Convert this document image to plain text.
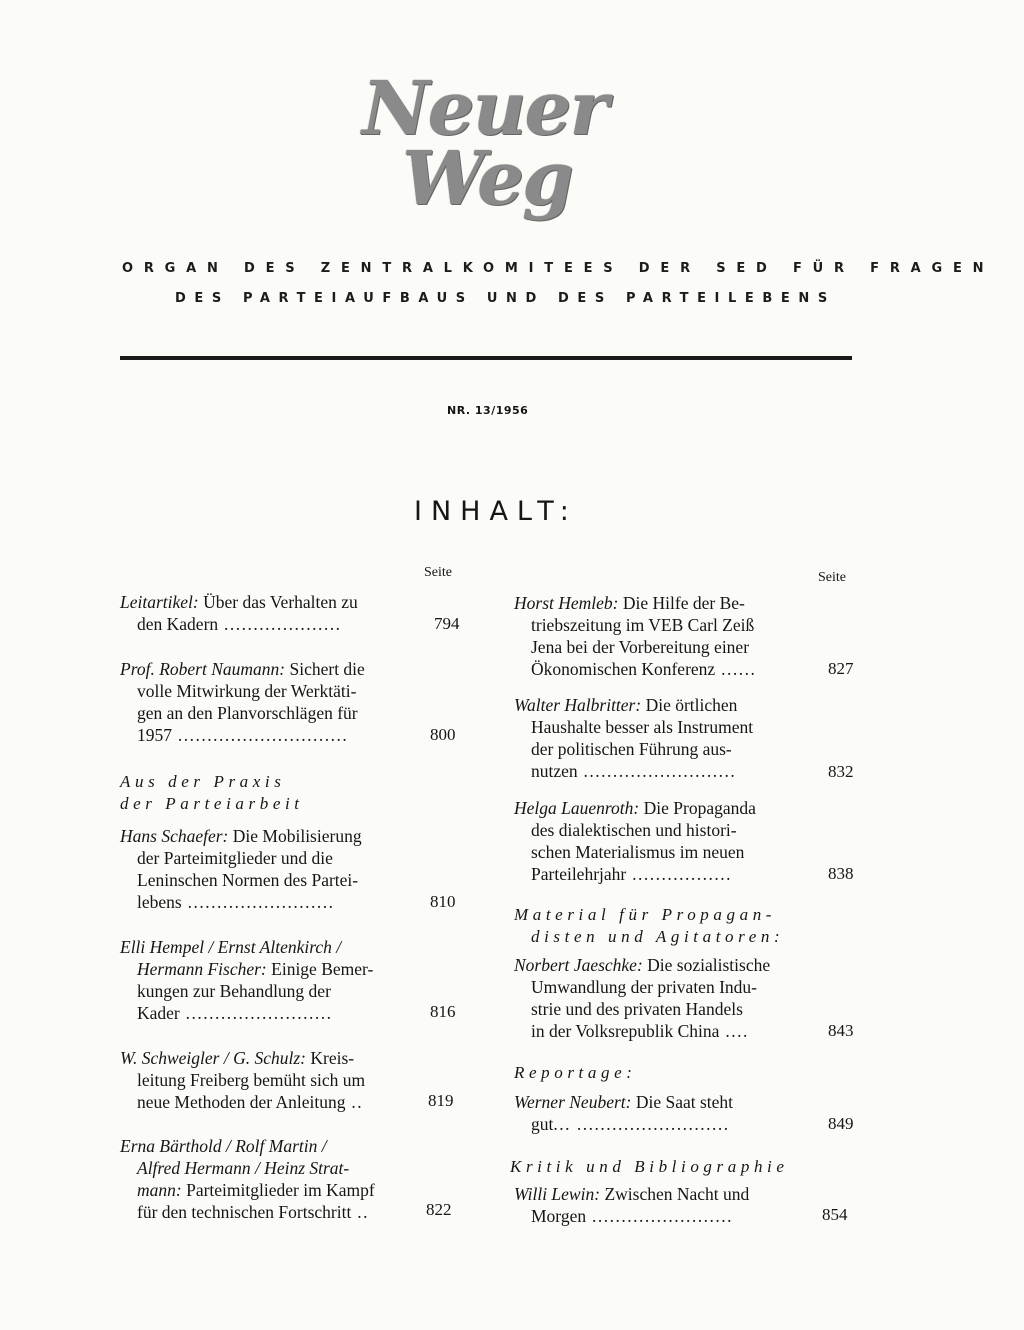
Neuer
Weg
ORGAN DES ZENTRALKOMITEES DER SED FÜR FRAGEN
DES PARTEIAUFBAUS UND DES PARTEILEBENS
NR. 13/1956
INHALT:
Seite
Leitartikel: Über das Verhalten zu
den Kadern ....................	794
Prof. Robert Naumann: Sichert die
volle Mitwirkung der Werktäti-
gen an den Planvorschlägen für
1957 .............................	800
Aus der Praxis
der Parteiarbeit
Hans Schaefer: Die Mobilisierung
der Parteimitglieder und die
Leninschen Normen des Partei-
lebens .........................	810
Elli Hempel / Ernst Altenkirch /
Hermann Fischer: Einige Bemer-
kungen zur Behandlung der
Kader .........................	816
W. Schweigler / G. Schulz: Kreis-
leitung Freiberg bemüht sich um
neue Methoden der Anleitung ..	819
Erna Bärthold / Rolf Martin /
Alfred Hermann / Heinz Strat-
mann: Parteimitglieder im Kampf
für den technischen Fortschritt ..	822
Seite
Horst Hemleb: Die Hilfe der Be-
triebszeitung im VEB Carl Zeiß
Jena bei der Vorbereitung einer
Ökonomischen Konferenz ......	827
Walter Halbritter: Die örtlichen
Haushalte besser als Instrument
der politischen Führung aus-
nutzen ..........................	832
Helga Lauenroth: Die Propaganda
des dialektischen und histori-
schen Materialismus im neuen
Parteilehrjahr .................	838
Material für Propagan-
disten und Agitatoren:
Norbert Jaeschke: Die sozialistische
Umwandlung der privaten Indu-
strie und des privaten Handels
in der Volksrepublik China ....	843
Reportage:
Werner Neubert: Die Saat steht
gut... ..........................	849
Kritik und Bibliographie
Willi Lewin: Zwischen Nacht und
Morgen ........................	854
